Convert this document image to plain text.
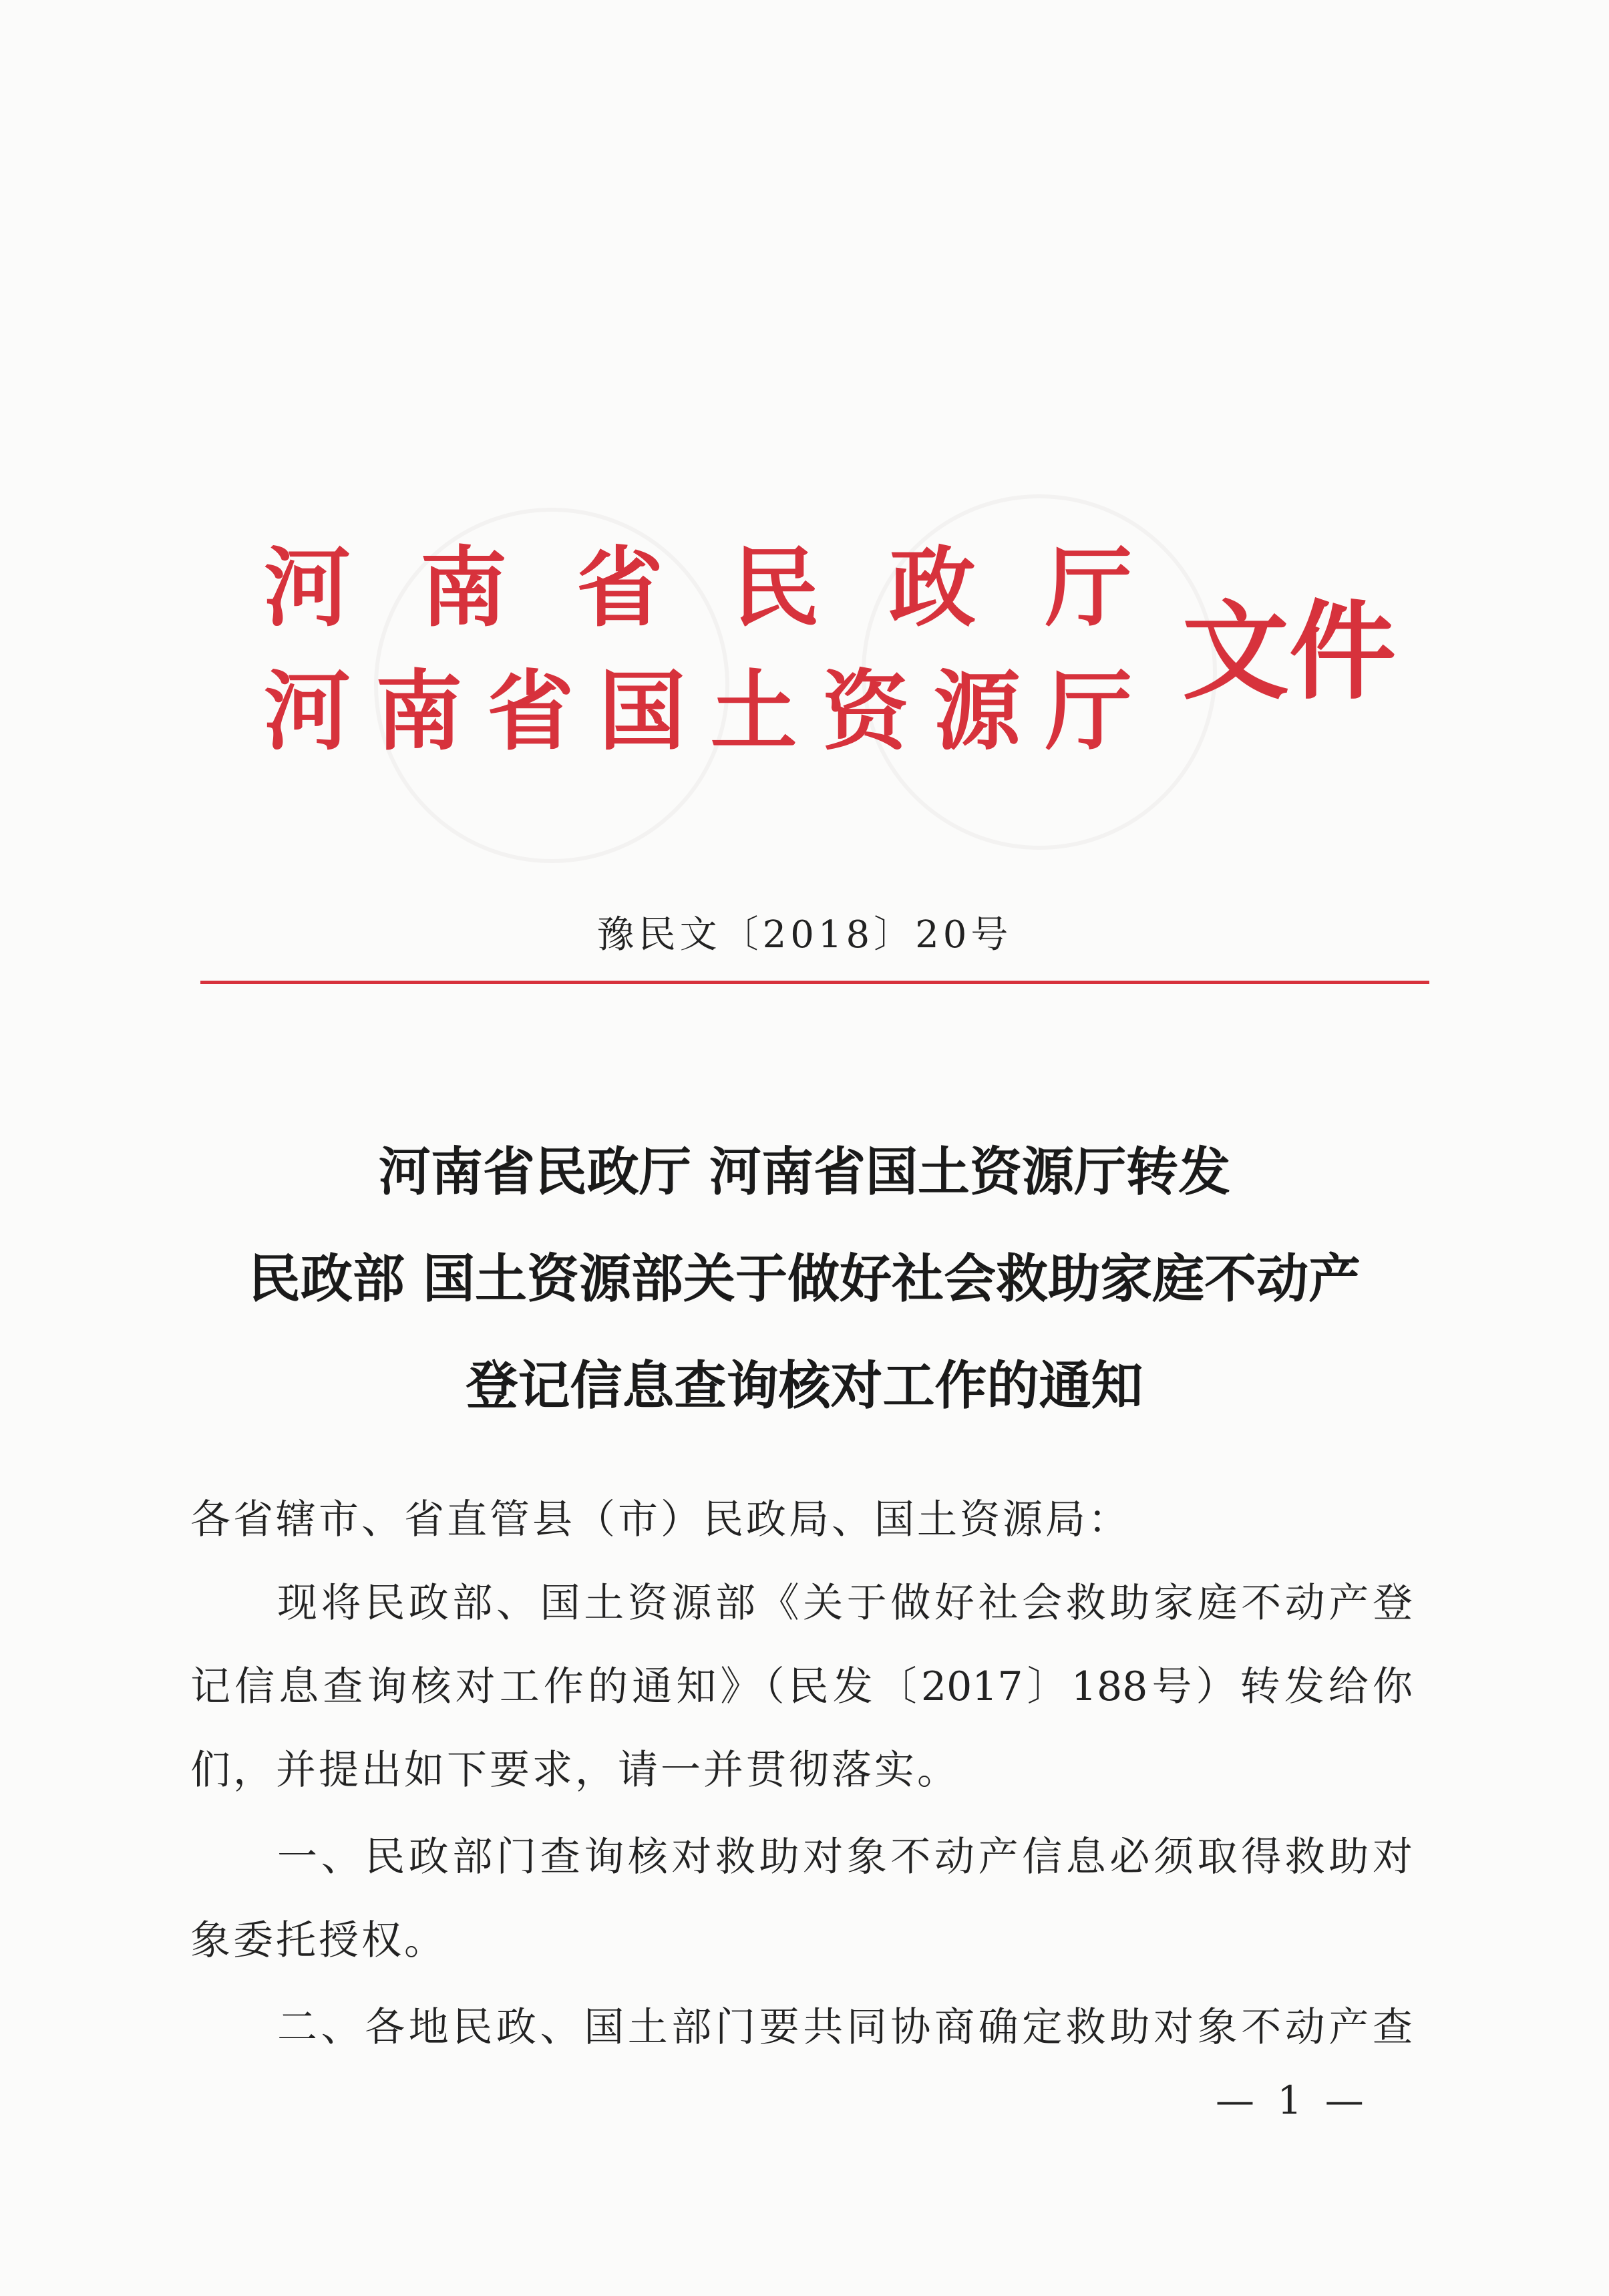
河 南 省 民 政 厅
河 南 省 国 土 资 源 厅 文件
豫民文〔2018〕20号
河南省民政厅 河南省国土资源厅转发
民政部 国土资源部关于做好社会救助家庭不动产
登记信息查询核对工作的通知
各省辖市、省直管县（市）民政局、国土资源局：
现将民政部、国土资源部《关于做好社会救助家庭不动产登
记信息查询核对工作的通知》（民发〔2017〕188号）转发给你
们，并提出如下要求，请一并贯彻落实。
一、民政部门查询核对救助对象不动产信息必须取得救助对
象委托授权。
二、各地民政、国土部门要共同协商确定救助对象不动产查
— 1 —
